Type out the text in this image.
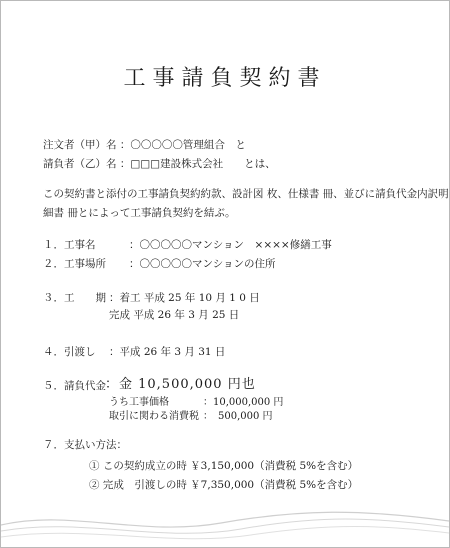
工事請負契約書
注文者（甲）名 ：〇〇〇〇〇管理組合　と
請負者（乙）名 ：□□□建設株式会社　　とは、
この契約書と添付の工事請負契約約款、設計図 枚、仕様書 冊、並びに請負代金内訳明
細書 冊とによって工事請負契約を結ぶ。
１．工事名	：〇〇〇〇〇マンション　××××修繕工事
２．工事場所 ：〇〇〇〇〇マンションの住所
３．工　　期 ：着工 平成 25 年 10 月 1 0 日
完成 平成 26 年 3 月 25 日
４．引渡し ：平成 26 年 3 月 31 日
５．請負代金 ：金 10,500,000 円也
うち工事価格	：10,000,000 円
取引に関わる消費税 ：　500,000 円
７．支払い方法：
① この契約成立の時 ￥3,150,000（消費税 5%を含む）
② 完成　引渡しの時 ￥7,350,000（消費税 5%を含む）
